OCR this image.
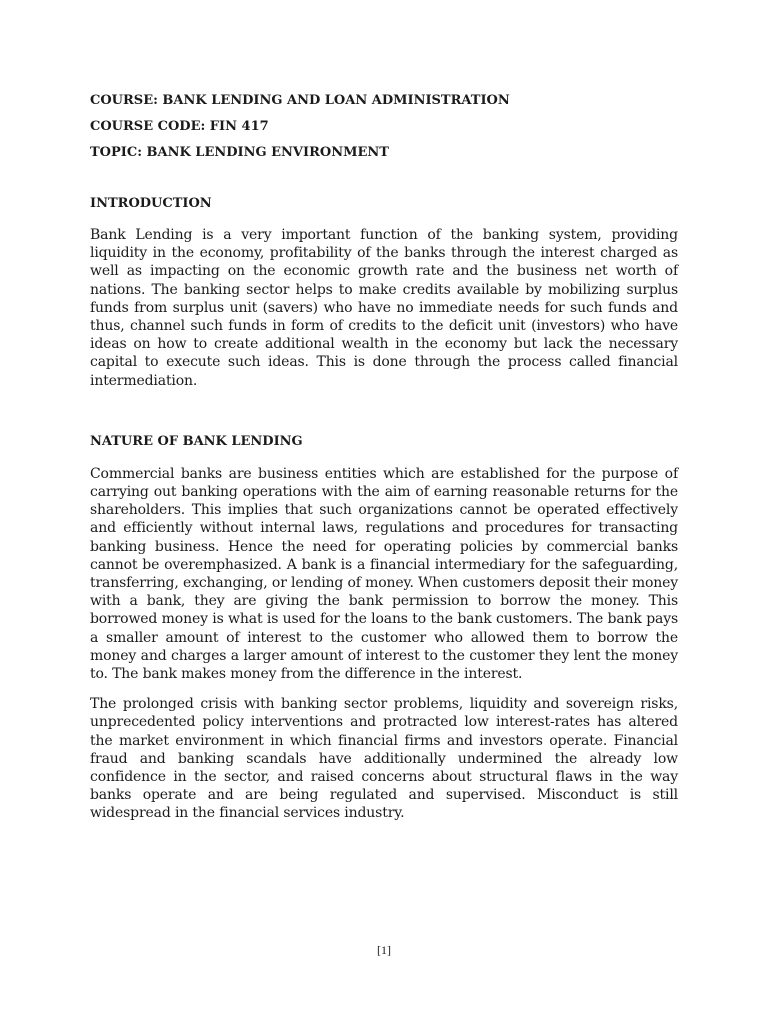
COURSE: BANK LENDING AND LOAN ADMINISTRATION

COURSE CODE: FIN 417

TOPIC: BANK LENDING ENVIRONMENT

INTRODUCTION

Bank Lending is a very important function of the banking system, providing liquidity in the economy, profitability of the banks through the interest charged as well as impacting on the economic growth rate and the business net worth of nations. The banking sector helps to make credits available by mobilizing surplus funds from surplus unit (savers) who have no immediate needs for such funds and thus, channel such funds in form of credits to the deficit unit (investors) who have ideas on how to create additional wealth in the economy but lack the necessary capital to execute such ideas. This is done through the process called financial intermediation.

NATURE OF BANK LENDING

Commercial banks are business entities which are established for the purpose of carrying out banking operations with the aim of earning reasonable returns for the shareholders. This implies that such organizations cannot be operated effectively and efficiently without internal laws, regulations and procedures for transacting banking business. Hence the need for operating policies by commercial banks cannot be overemphasized. A bank is a financial intermediary for the safeguarding, transferring, exchanging, or lending of money. When customers deposit their money with a bank, they are giving the bank permission to borrow the money. This borrowed money is what is used for the loans to the bank customers. The bank pays a smaller amount of interest to the customer who allowed them to borrow the money and charges a larger amount of interest to the customer they lent the money to. The bank makes money from the difference in the interest.

The prolonged crisis with banking sector problems, liquidity and sovereign risks, unprecedented policy interventions and protracted low interest-rates has altered the market environment in which financial firms and investors operate. Financial fraud and banking scandals have additionally undermined the already low confidence in the sector, and raised concerns about structural flaws in the way banks operate and are being regulated and supervised. Misconduct is still widespread in the financial services industry.

[1]
